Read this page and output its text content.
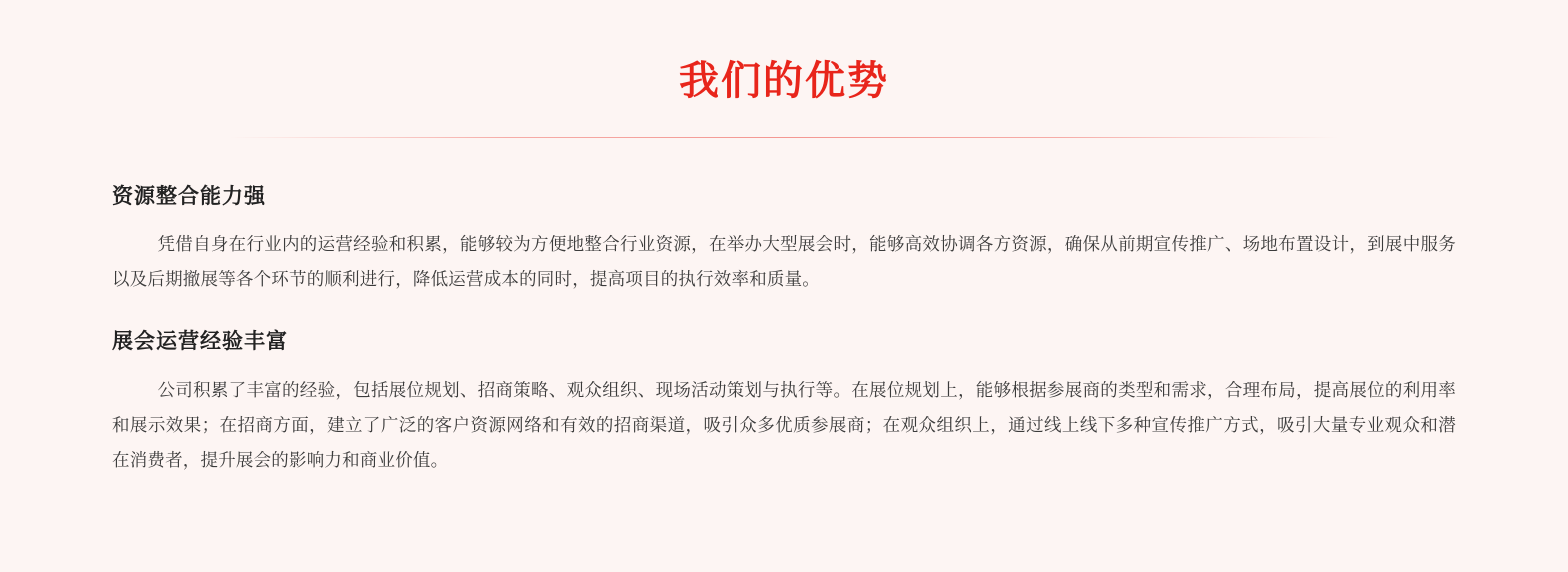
我们的优势
资源整合能力强

凭借自身在行业内的运营经验和积累，能够较为方便地整合行业资源，在举办大型展会时，能够高效协调各方资源，确保从前期宣传推广、场地布置设计，到展中服务以及后期撤展等各个环节的顺利进行，降低运营成本的同时，提高项目的执行效率和质量。

展会运营经验丰富

公司积累了丰富的经验，包括展位规划、招商策略、观众组织、现场活动策划与执行等。在展位规划上，能够根据参展商的类型和需求，合理布局，提高展位的利用率和展示效果；在招商方面，建立了广泛的客户资源网络和有效的招商渠道，吸引众多优质参展商；在观众组织上，通过线上线下多种宣传推广方式，吸引大量专业观众和潜在消费者，提升展会的影响力和商业价值。
